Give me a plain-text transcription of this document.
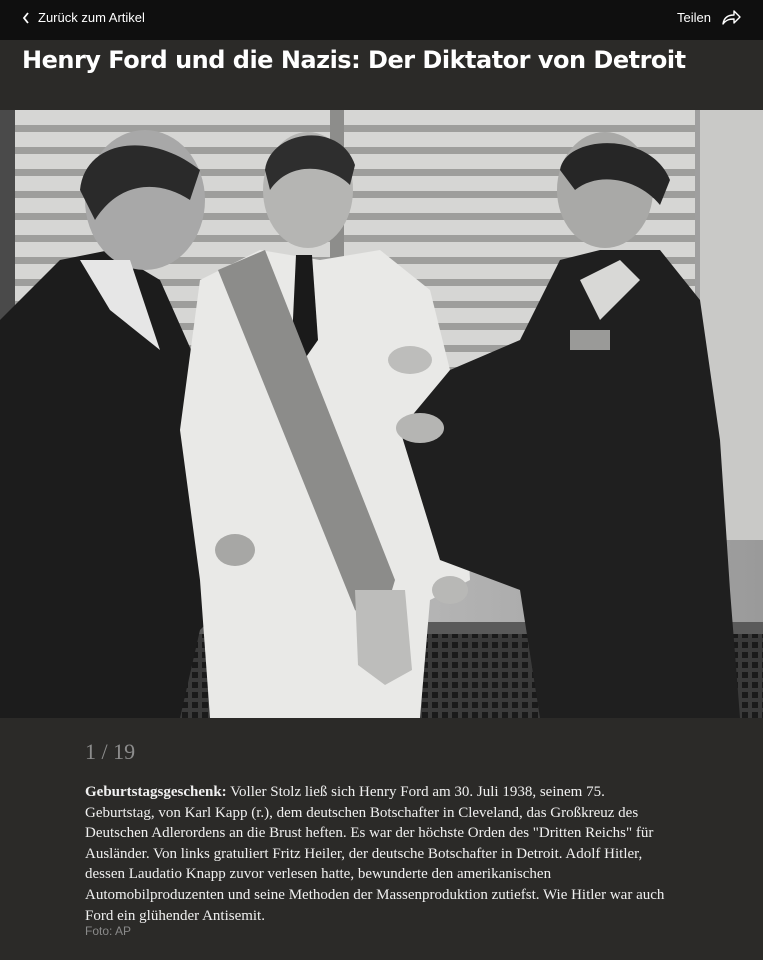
Zurück zum Artikel	Teilen
Henry Ford und die Nazis: Der Diktator von Detroit
1 / 19

Geburtstagsgeschenk: Voller Stolz ließ sich Henry Ford am 30. Juli 1938, seinem 75. Geburtstag, von Karl Kapp (r.), dem deutschen Botschafter in Cleveland, das Großkreuz des Deutschen Adlerordens an die Brust heften. Es war der höchste Orden des "Dritten Reichs" für Ausländer. Von links gratuliert Fritz Heiler, der deutsche Botschafter in Detroit. Adolf Hitler, dessen Laudatio Knapp zuvor verlesen hatte, bewunderte den amerikanischen Automobilproduzenten und seine Methoden der Massenproduktion zutiefst. Wie Hitler war auch Ford ein glühender Antisemit.

Foto: AP
